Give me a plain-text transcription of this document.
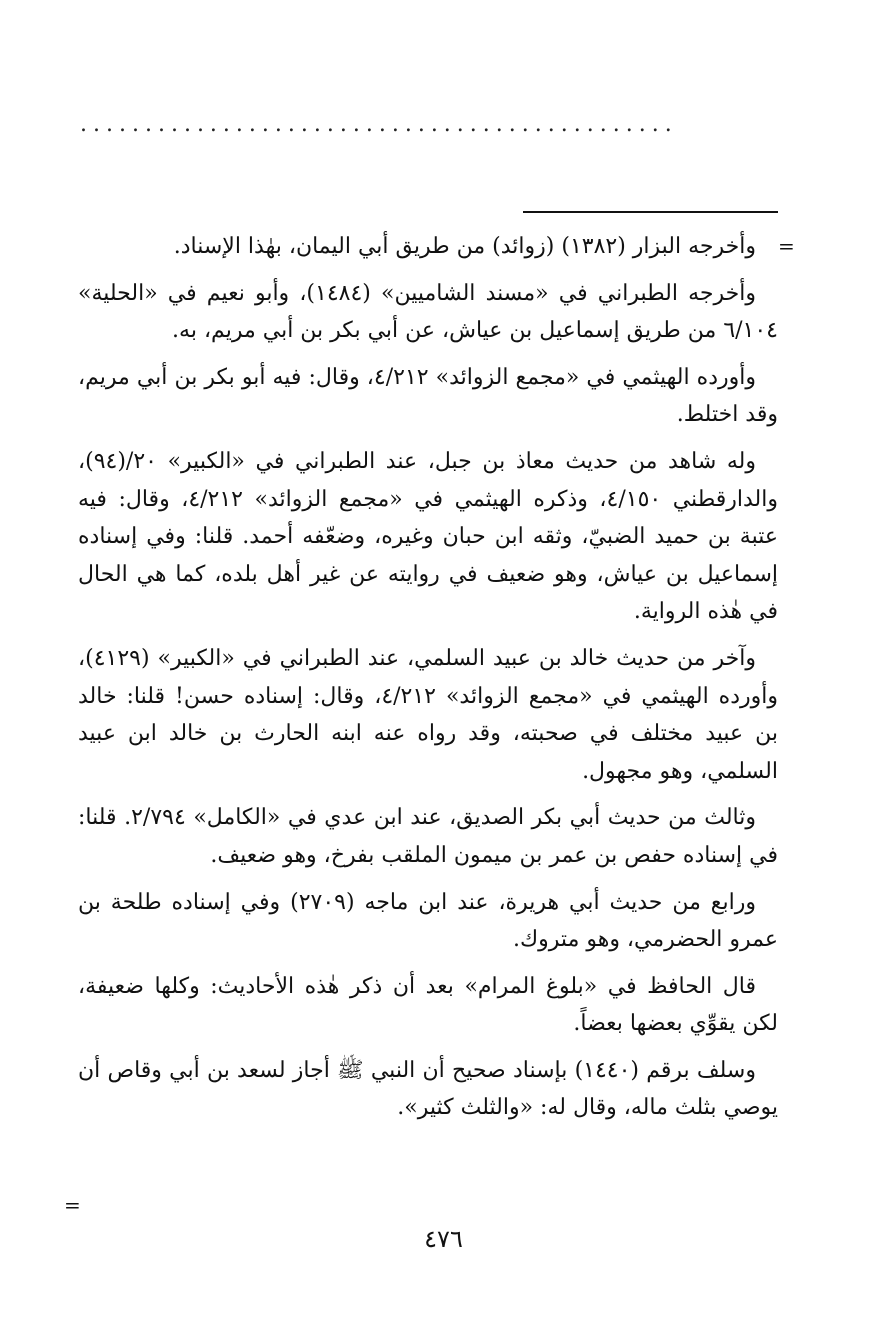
..............................................
=

وأخرجه البزار (١٣٨٢) (زوائد) من طريق أبي اليمان، بهٰذا الإسناد.

وأخرجه الطبراني في «مسند الشاميين» (١٤٨٤)، وأبو نعيم في «الحلية» ٦/١٠٤ من طريق إسماعيل بن عياش، عن أبي بكر بن أبي مريم، به.

وأورده الهيثمي في «مجمع الزوائد» ٤/٢١٢، وقال: فيه أبو بكر بن أبي مريم، وقد اختلط.

وله شاهد من حديث معاذ بن جبل، عند الطبراني في «الكبير» ٢٠/(٩٤)، والدارقطني ٤/١٥٠، وذكره الهيثمي في «مجمع الزوائد» ٤/٢١٢، وقال: فيه عتبة بن حميد الضبيّ، وثقه ابن حبان وغيره، وضعّفه أحمد. قلنا: وفي إسناده إسماعيل بن عياش، وهو ضعيف في روايته عن غير أهل بلده، كما هي الحال في هٰذه الرواية.

وآخر من حديث خالد بن عبيد السلمي، عند الطبراني في «الكبير» (٤١٢٩)، وأورده الهيثمي في «مجمع الزوائد» ٤/٢١٢، وقال: إسناده حسن! قلنا: خالد بن عبيد مختلف في صحبته، وقد رواه عنه ابنه الحارث بن خالد ابن عبيد السلمي، وهو مجهول.

وثالث من حديث أبي بكر الصديق، عند ابن عدي في «الكامل» ٢/٧٩٤. قلنا: في إسناده حفص بن عمر بن ميمون الملقب بفرخ، وهو ضعيف.

ورابع من حديث أبي هريرة، عند ابن ماجه (٢٧٠٩) وفي إسناده طلحة بن عمرو الحضرمي، وهو متروك.

قال الحافظ في «بلوغ المرام» بعد أن ذكر هٰذه الأحاديث: وكلها ضعيفة، لكن يقوِّي بعضها بعضاً.

وسلف برقم (١٤٤٠) بإسناد صحيح أن النبي ﷺ أجاز لسعد بن أبي وقاص أن يوصي بثلث ماله، وقال له: «والثلث كثير».

=
٤٧٦
